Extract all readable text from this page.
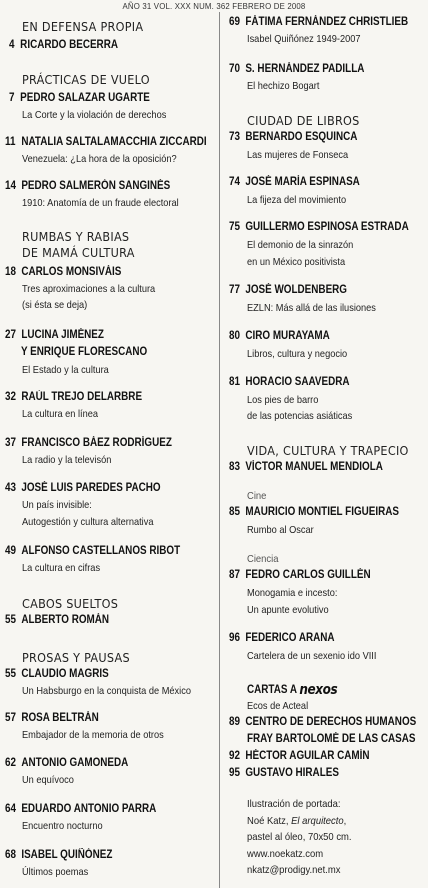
AÑO 31 VOL. XXX NUM. 362 FEBRERO DE 2008
EN DEFENSA PROPIA
4 RICARDO BECERRA
PRÁCTICAS DE VUELO
7 PEDRO SALAZAR UGARTE
La Corte y la violación de derechos
11 NATALIA SALTALAMACCHIA ZICCARDI
Venezuela: ¿La hora de la oposición?
14 PEDRO SALMERÓN SANGINÉS
1910: Anatomía de un fraude electoral
RUMBAS Y RABIAS
DE MAMÁ CULTURA
18 CARLOS MONSIVÁIS
Tres aproximaciones a la cultura
(si ésta se deja)
27 LUCINA JIMÉNEZ
Y ENRIQUE FLORESCANO
El Estado y la cultura
32 RAÚL TREJO DELARBRE
La cultura en línea
37 FRANCISCO BÁEZ RODRÍGUEZ
La radio y la televisón
43 JOSÉ LUIS PAREDES PACHO
Un país invisible:
Autogestión y cultura alternativa
49 ALFONSO CASTELLANOS RIBOT
La cultura en cifras
CABOS SUELTOS
55 ALBERTO ROMÁN
PROSAS Y PAUSAS
55 CLAUDIO MAGRIS
Un Habsburgo en la conquista de México
57 ROSA BELTRÁN
Embajador de la memoria de otros
62 ANTONIO GAMONEDA
Un equívoco
64 EDUARDO ANTONIO PARRA
Encuentro nocturno
68 ISABEL QUIÑÓNEZ
Últimos poemas
69 FÁTIMA FERNÁNDEZ CHRISTLIEB
Isabel Quiñónez 1949-2007
70 S. HERNÁNDEZ PADILLA
El hechizo Bogart
CIUDAD DE LIBROS
73 BERNARDO ESQUINCA
Las mujeres de Fonseca
74 JOSÉ MARÍA ESPINASA
La fijeza del movimiento
75 GUILLERMO ESPINOSA ESTRADA
El demonio de la sinrazón
en un México positivista
77 JOSÉ WOLDENBERG
EZLN: Más allá de las ilusiones
80 CIRO MURAYAMA
Libros, cultura y negocio
81 HORACIO SAAVEDRA
Los pies de barro
de las potencias asiáticas
VIDA, CULTURA Y TRAPECIO
83 VÍCTOR MANUEL MENDIOLA
Cine
85 MAURICIO MONTIEL FIGUEIRAS
Rumbo al Oscar
Ciencia
87 FEDRO CARLOS GUILLÉN
Monogamia e incesto:
Un apunte evolutivo
96 FEDERICO ARANA
Cartelera de un sexenio ido VIII
CARTAS A nexos
Ecos de Acteal
89 CENTRO DE DERECHOS HUMANOS
FRAY BARTOLOMÉ DE LAS CASAS
92 HÉCTOR AGUILAR CAMÍN
95 GUSTAVO HIRALES
Ilustración de portada:
Noé Katz, El arquitecto,
pastel al óleo, 70x50 cm.
www.noekatz.com
nkatz@prodigy.net.mx
